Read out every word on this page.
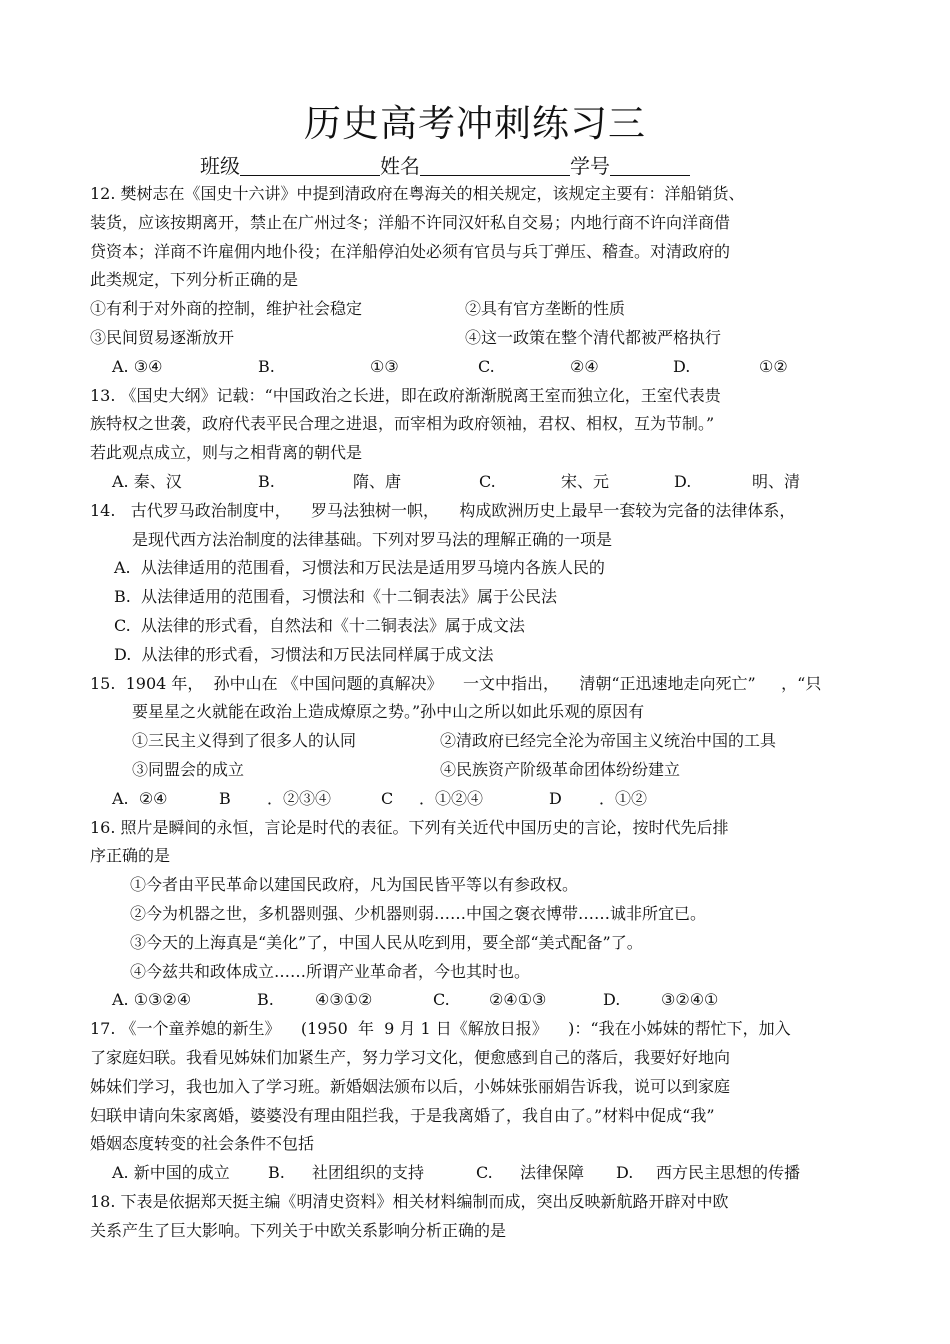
历史高考冲刺练习三
班级	姓名	学号
12. 樊树志在《国史十六讲》中提到清政府在粤海关的相关规定，该规定主要有：洋船销货、
装货，应该按期离开，禁止在广州过冬；洋船不许同汉奸私自交易；内地行商不许向洋商借
贷资本；洋商不许雇佣内地仆役；在洋船停泊处必须有官员与兵丁弹压、稽查。对清政府的
此类规定，下列分析正确的是
①有利于对外商的控制，维护社会稳定	②具有官方垄断的性质
③民间贸易逐渐放开	④这一政策在整个清代都被严格执行
A. ③④	B.	①③	C.	②④	D.	①②
13. 《国史大纲》记载：“中国政治之长进，即在政府渐渐脱离王室而独立化，王室代表贵
族特权之世袭，政府代表平民合理之进退，而宰相为政府领袖，君权、相权，互为节制。”
若此观点成立，则与之相背离的朝代是
A. 秦、汉	B.	隋、唐	C.	宋、元	D.	明、清
14.   古代罗马政治制度中，    罗马法独树一帜，    构成欧洲历史上最早一套较为完备的法律体系，
是现代西方法治制度的法律基础。下列对罗马法的理解正确的一项是
A.  从法律适用的范围看，习惯法和万民法是适用罗马境内各族人民的
B.  从法律适用的范围看，习惯法和《十二铜表法》属于公民法
C.  从法律的形式看，自然法和《十二铜表法》属于成文法
D.  从法律的形式看，习惯法和万民法同样属于成文法
15.  1904 年，  孙中山在 《中国问题的真解决》    一文中指出，    清朝“正迅速地走向死亡”     ，“只
要星星之火就能在政治上造成燎原之势。”孙中山之所以如此乐观的原因有
①三民主义得到了很多人的认同	②清政府已经完全沦为帝国主义统治中国的工具
③同盟会的成立	④民族资产阶级革命团体纷纷建立
A.  ②④	B	．②③④	C	．①②④	D	．①②
16. 照片是瞬间的永恒，言论是时代的表征。下列有关近代中国历史的言论，按时代先后排
序正确的是
①今者由平民革命以建国民政府，凡为国民皆平等以有参政权。
②今为机器之世，多机器则强、少机器则弱……中国之褒衣博带……诚非所宜已。
③今天的上海真是“美化”了，中国人民从吃到用，要全部“美式配备”了。
④今兹共和政体成立……所谓产业革命者，今也其时也。
A. ①③②④	B.	④③①②	C.	②④①③	D.	③②④①
17. 《一个童养媳的新生》    (1950  年  9 月 1 日《解放日报》    )：“我在小姊妹的帮忙下，加入
了家庭妇联。我看见姊妹们加紧生产，努力学习文化，便愈感到自己的落后，我要好好地向
姊妹们学习，我也加入了学习班。新婚姻法颁布以后，小姊妹张丽娟告诉我，说可以到家庭
妇联申请向朱家离婚，婆婆没有理由阻拦我，于是我离婚了，我自由了。”材料中促成“我”
婚姻态度转变的社会条件不包括
A. 新中国的成立	B.	社团组织的支持	C.	法律保障	D.	西方民主思想的传播
18. 下表是依据郑天挺主编《明清史资料》相关材料编制而成，突出反映新航路开辟对中欧
关系产生了巨大影响。下列关于中欧关系影响分析正确的是
